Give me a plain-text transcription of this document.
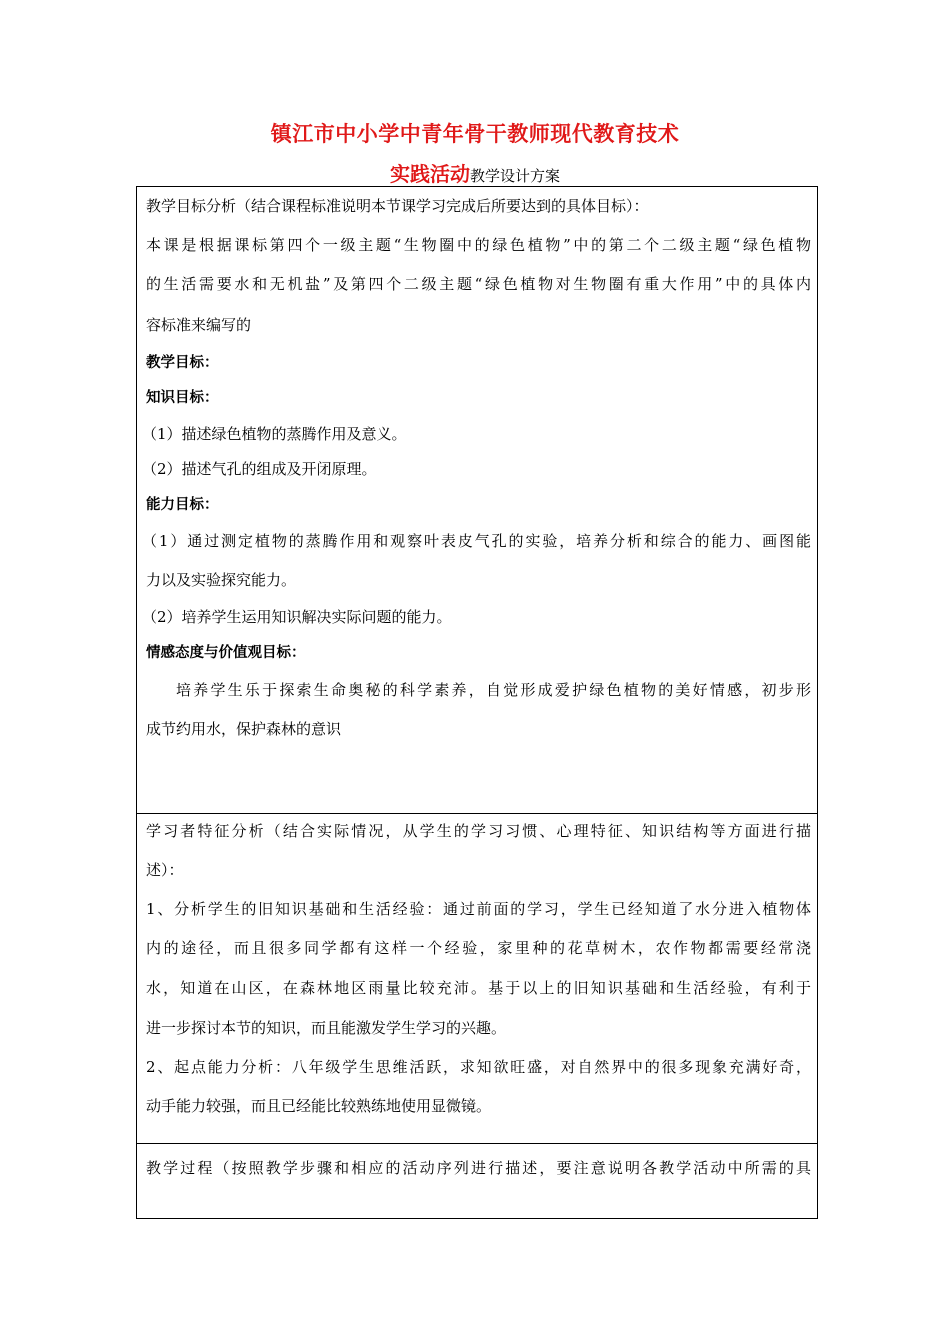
镇江市中小学中青年骨干教师现代教育技术
实践活动教学设计方案
教学目标分析（结合课程标准说明本节课学习完成后所要达到的具体目标）：
本课是根据课标第四个一级主题“生物圈中的绿色植物”中的第二个二级主题“绿色植物
的生活需要水和无机盐”及第四个二级主题“绿色植物对生物圈有重大作用”中的具体内
容标准来编写的
教学目标：
知识目标：
（1）描述绿色植物的蒸腾作用及意义。
（2）描述气孔的组成及开闭原理。
能力目标：
（1）通过测定植物的蒸腾作用和观察叶表皮气孔的实验，培养分析和综合的能力、画图能
力以及实验探究能力。
（2）培养学生运用知识解决实际问题的能力。
情感态度与价值观目标：
培养学生乐于探索生命奥秘的科学素养，自觉形成爱护绿色植物的美好情感，初步形
成节约用水，保护森林的意识
学习者特征分析（结合实际情况，从学生的学习习惯、心理特征、知识结构等方面进行描
述）：
1、分析学生的旧知识基础和生活经验：通过前面的学习，学生已经知道了水分进入植物体
内的途径，而且很多同学都有这样一个经验，家里种的花草树木，农作物都需要经常浇
水，知道在山区，在森林地区雨量比较充沛。基于以上的旧知识基础和生活经验，有利于
进一步探讨本节的知识，而且能激发学生学习的兴趣。
2、起点能力分析：八年级学生思维活跃，求知欲旺盛，对自然界中的很多现象充满好奇，
动手能力较强，而且已经能比较熟练地使用显微镜。
教学过程（按照教学步骤和相应的活动序列进行描述，要注意说明各教学活动中所需的具
